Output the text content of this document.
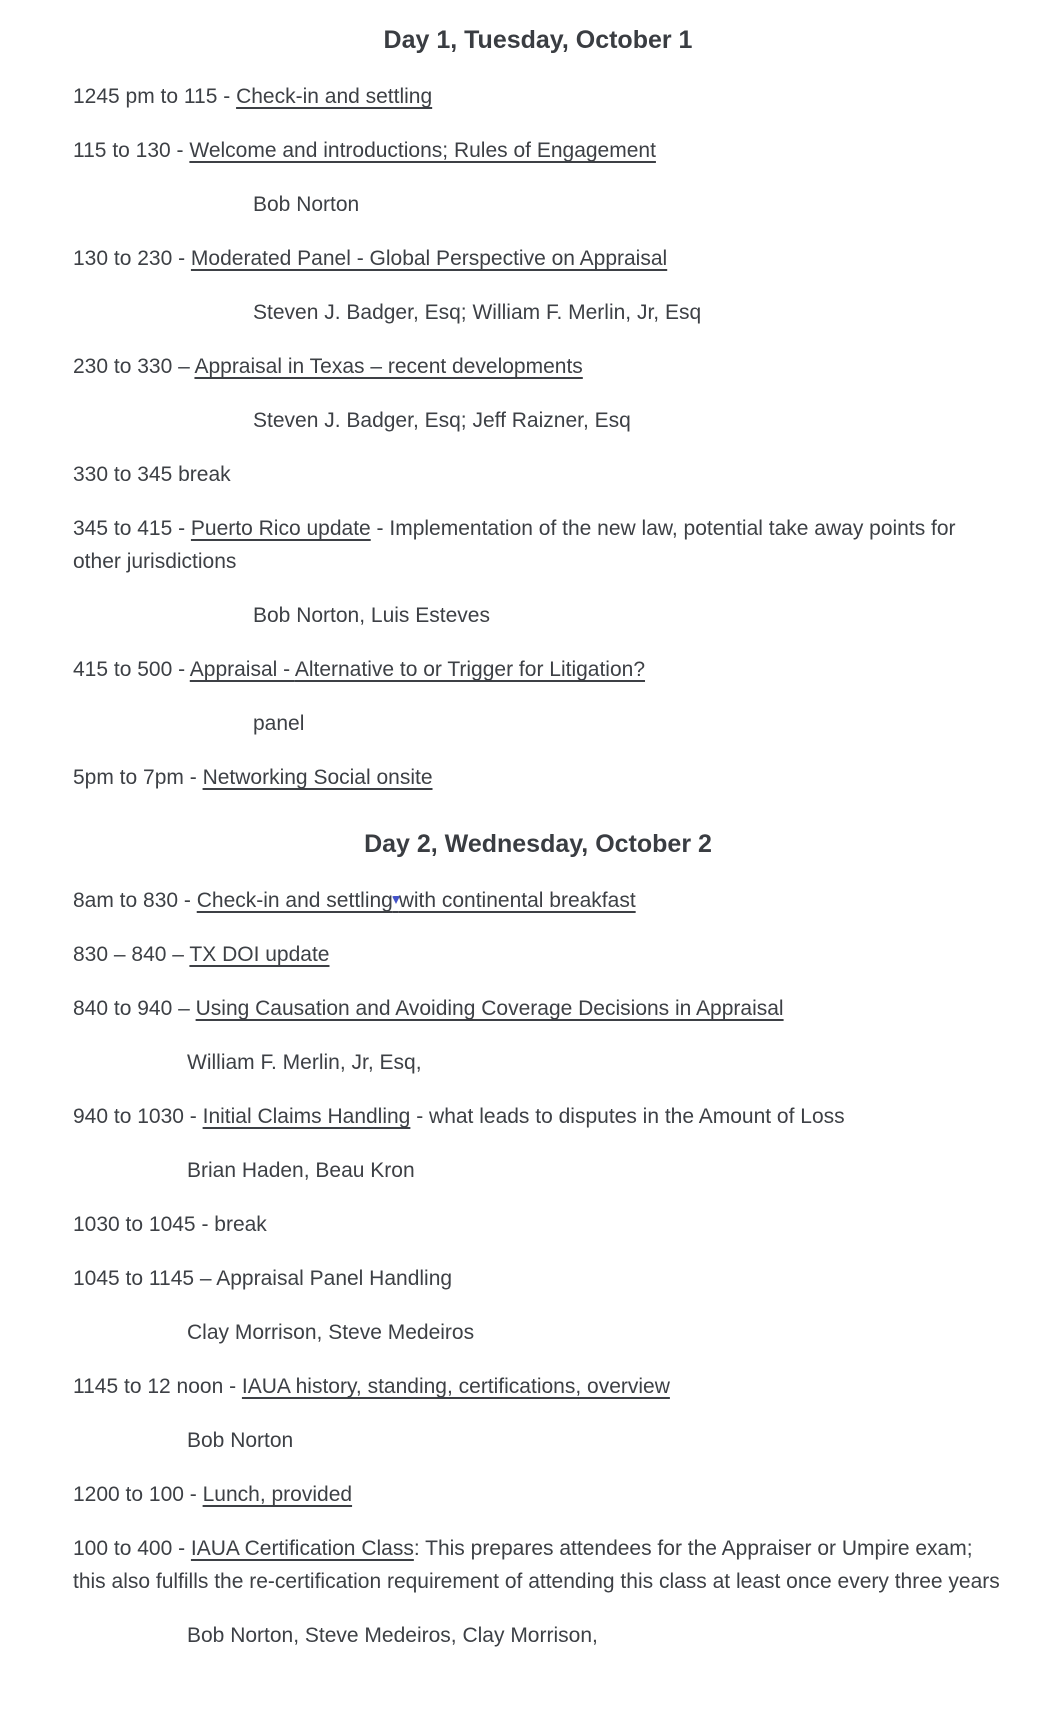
Day 1, Tuesday, October 1

1245 pm to 115 - Check-in and settling

115 to 130 - Welcome and introductions; Rules of Engagement

Bob Norton

130 to 230 - Moderated Panel - Global Perspective on Appraisal

Steven J. Badger, Esq; William F. Merlin, Jr, Esq

230 to 330 – Appraisal in Texas – recent developments

Steven J. Badger, Esq; Jeff Raizner, Esq

330 to 345 break

345 to 415 - Puerto Rico update - Implementation of the new law, potential take away points for other jurisdictions

Bob Norton, Luis Esteves

415 to 500 - Appraisal - Alternative to or Trigger for Litigation?

panel

5pm to 7pm - Networking Social onsite

Day 2, Wednesday, October 2

8am to 830 - Check-in and settling with continental breakfast

830 – 840 – TX DOI update

840 to 940 – Using Causation and Avoiding Coverage Decisions in Appraisal

William F. Merlin, Jr, Esq,

940 to 1030 - Initial Claims Handling - what leads to disputes in the Amount of Loss

Brian Haden, Beau Kron

1030 to 1045 - break

1045 to 1145 – Appraisal Panel Handling

Clay Morrison, Steve Medeiros

1145 to 12 noon - IAUA history, standing, certifications, overview

Bob Norton

1200 to 100 - Lunch, provided

100 to 400 - IAUA Certification Class: This prepares attendees for the Appraiser or Umpire exam; this also fulfills the re-certification requirement of attending this class at least once every three years

Bob Norton, Steve Medeiros, Clay Morrison,
